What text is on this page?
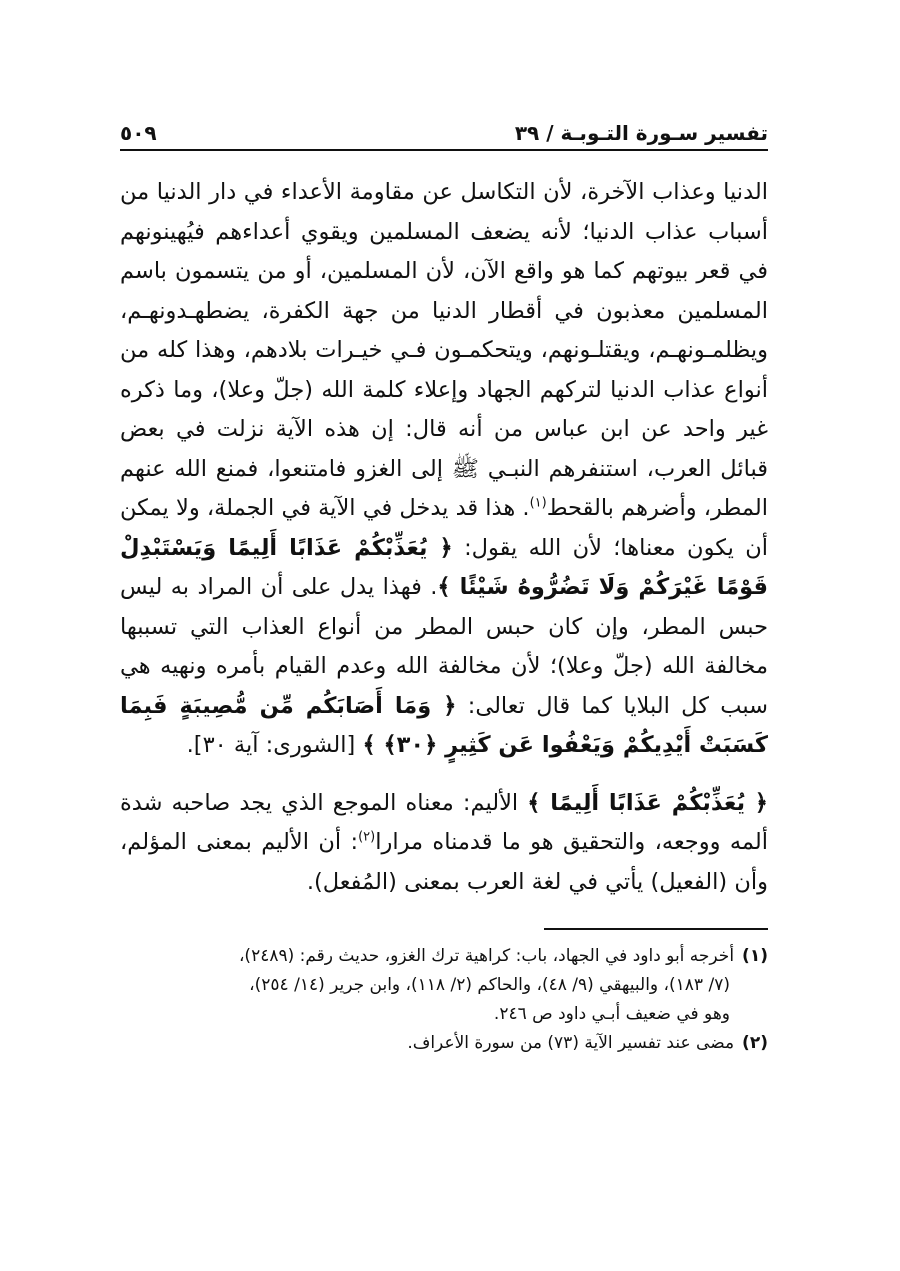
تفسير سـورة التـوبـة / ٣٩
٥٠٩

الدنيا وعذاب الآخرة، لأن التكاسل عن مقاومة الأعداء في دار الدنيا من أسباب عذاب الدنيا؛ لأنه يضعف المسلمين ويقوي أعداءهم فيُهينونهم في قعر بيوتهم كما هو واقع الآن، لأن المسلمين، أو من يتسمون باسم المسلمين معذبون في أقطار الدنيا من جهة الكفرة، يضطهـدونهـم، ويظلمـونهـم، ويقتلـونهم، ويتحكمـون فـي خيـرات بلادهم، وهذا كله من أنواع عذاب الدنيا لتركهم الجهاد وإعلاء كلمة الله (جلّ وعلا)، وما ذكره غير واحد عن ابن عباس من أنه قال: إن هذه الآية نزلت في بعض قبائل العرب، استنفرهم النبـي ﷺ إلى الغزو فامتنعوا، فمنع الله عنهم المطر، وأضرهم بالقحط$^{(١)}$. هذا قد يدخل في الآية في الجملة، ولا يمكن أن يكون معناها؛ لأن الله يقول: ﴿ يُعَذِّبْكُمْ عَذَابًا أَلِيمًا وَيَسْتَبْدِلْ قَوْمًا غَيْرَكُمْ وَلَا تَضُرُّوهُ شَيْئًا ﴾. فهذا يدل على أن المراد به ليس حبس المطر، وإن كان حبس المطر من أنواع العذاب التي تسببها مخالفة الله (جلّ وعلا)؛ لأن مخالفة الله وعدم القيام بأمره ونهيه هي سبب كل البلايا كما قال تعالى: ﴿ وَمَا أَصَابَكُم مِّن مُّصِيبَةٍ فَبِمَا كَسَبَتْ أَيْدِيكُمْ وَيَعْفُوا عَن كَثِيرٍ ﴿٣٠﴾ ﴾ [الشورى: آية ٣٠].

﴿ يُعَذِّبْكُمْ عَذَابًا أَلِيمًا ﴾ الأليم: معناه الموجع الذي يجد صاحبه شدة ألمه ووجعه، والتحقيق هو ما قدمناه مرارا$^{(٢)}$: أن الأليم بمعنى المؤلم، وأن (الفعيل) يأتي في لغة العرب بمعنى (المُفعل).

(١)أخرجه أبو داود في الجهاد، باب: كراهية ترك الغزو، حديث رقم: (٢٤٨٩)،

(٧/ ١٨٣)، والبيهقي (٩/ ٤٨)، والحاكم (٢/ ١١٨)، وابن جرير (١٤/ ٢٥٤)،

وهو في ضعيف أبـي داود ص ٢٤٦.

(٢)مضى عند تفسير الآية (٧٣) من سورة الأعراف.
